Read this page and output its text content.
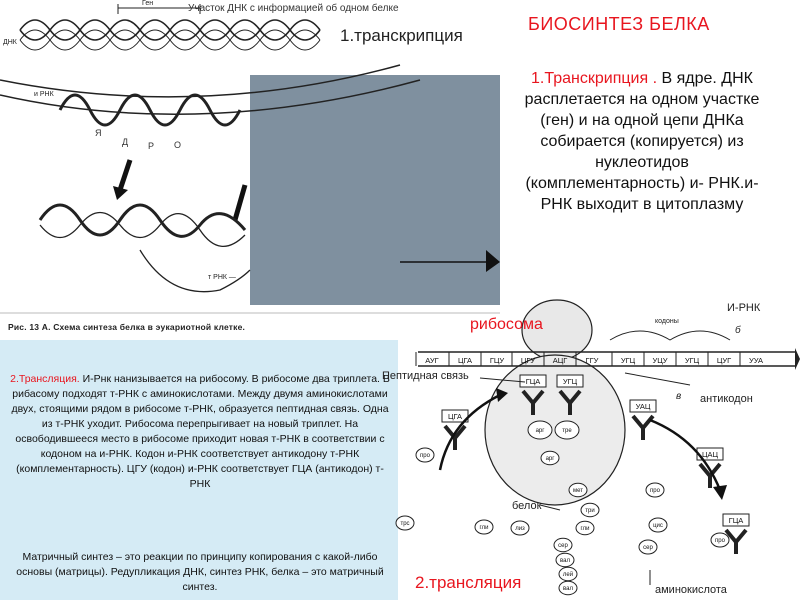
Ген	Участок ДНК с информацией об одном белке
ДНК
и РНК
т РНК —
Я
Д Р О
Рис. 13 А. Схема синтеза белка в эукариотной клетке.
1.транскрипция
БИОСИНТЕЗ БЕЛКА
1.Транскрипция . В ядре. ДНК расплетается на одном участке (ген) и на одной цепи ДНКа собирается (копируется) из нуклеотидов (комплементарность) и- РНК.и-РНК выходит в цитоплазму
2.Трансляция. И-Рнк нанизывается на рибосому. В рибосоме два триплета. В рибасому подходят т-РНК с аминокислотами. Между двумя аминокислотами двух, стоящими рядом в рибосоме т-РНК, образуется пептидная связь. Одна из т-РНК уходит. Рибосома перепрыгивает на новый триплет. На освободившееся место в рибосоме приходит новая т-РНК в соответствии с кодоном на и-РНК. Кодон и-РНК соответствует антикодону т-РНК (комплементарность). ЦГУ (кодон) и-РНК соответствует ГЦА (антикодон) т-РНК
Матричный синтез – это реакции по принципу копирования с какой-либо основы (матрицы). Редупликация ДНК, синтез РНК, белка – это матричный синтез.
АУГ	ЦГА ГЦУ ЦГУ АЦГ ГГУ	УГЦ УЦУ УГЦ ЦУГ УУА
ГЦА	УГЦ
ЦГА
УАЦ
ЦАЦ
ГЦА
арг	тре
арг
мет
три
гли
сер
вал
лей
вал
про
трс
гли	лиз
про
цис
сер
про
рибосома
И-РНК
кодоны
б
в
Пептидная связь
антикодон
белок
2.трансляция	аминокислота
